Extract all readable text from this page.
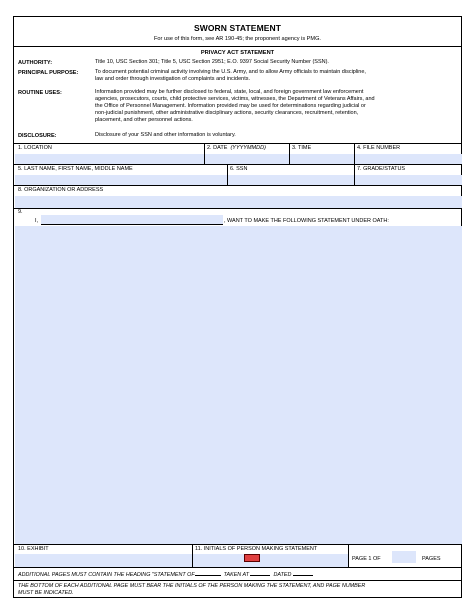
SWORN STATEMENT
For use of this form, see AR 190-45; the proponent agency is PMG.
PRIVACY ACT STATEMENT
AUTHORITY:	Title 10, USC Section 301; Title 5, USC Section 2951; E.O. 9397 Social Security Number (SSN).
PRINCIPAL PURPOSE:	To document potential criminal activity involving the U.S. Army, and to allow Army officials to maintain discipline,
law and order through investigation of complaints and incidents.
ROUTINE USES:	Information provided may be further disclosed to federal, state, local, and foreign government law enforcement
agencies, prosecutors, courts, child protective services, victims, witnesses, the Department of Veterans Affairs, and
the Office of Personnel Management. Information provided may be used for determinations regarding judicial or
non-judicial punishment, other administrative disciplinary actions, security clearances, recruitment, retention,
placement, and other personnel actions.
DISCLOSURE:	Disclosure of your SSN and other information is voluntary.
1. LOCATION	2. DATE (YYYYMMDD)	3. TIME	4. FILE NUMBER
5. LAST NAME, FIRST NAME, MIDDLE NAME	6. SSN	7. GRADE/STATUS
8. ORGANIZATION OR ADDRESS
9.
I,	, WANT TO MAKE THE FOLLOWING STATEMENT UNDER OATH:
10. EXHIBIT	11. INITIALS OF PERSON MAKING STATEMENT
PAGE 1 OF	PAGES
ADDITIONAL PAGES MUST CONTAIN THE HEADING "STATEMENT OF	TAKEN AT	DATED
THE BOTTOM OF EACH ADDITIONAL PAGE MUST BEAR THE INITIALS OF THE PERSON MAKING THE STATEMENT, AND PAGE NUMBER
MUST BE INDICATED.
